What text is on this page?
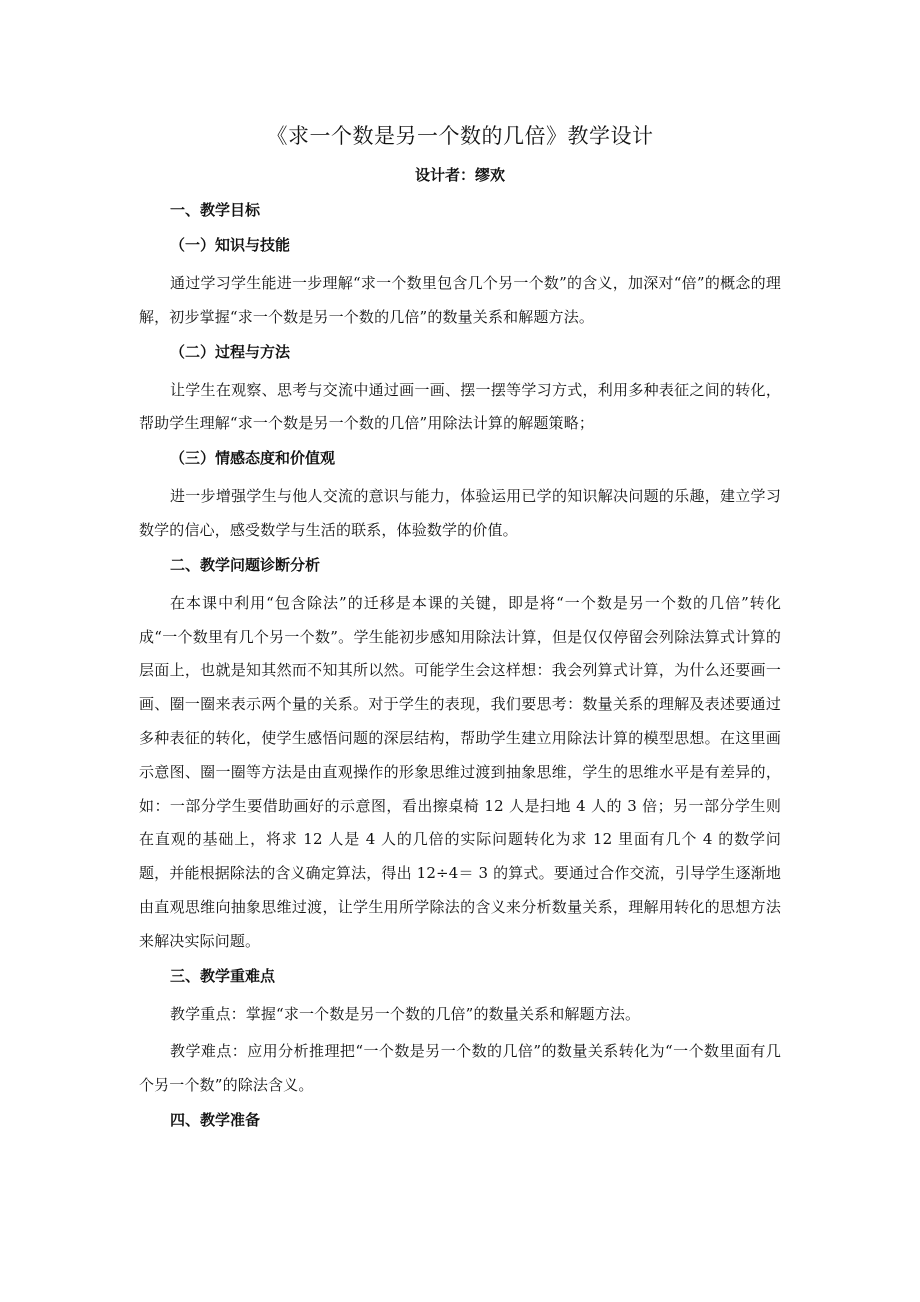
《求一个数是另一个数的几倍》教学设计
设计者：缪欢
一、教学目标
（一）知识与技能

通过学习学生能进一步理解“求一个数里包含几个另一个数”的含义，加深对“倍”的概念的理解，初步掌握“求一个数是另一个数的几倍”的数量关系和解题方法。

（二）过程与方法

让学生在观察、思考与交流中通过画一画、摆一摆等学习方式，利用多种表征之间的转化，帮助学生理解“求一个数是另一个数的几倍”用除法计算的解题策略；

（三）情感态度和价值观

进一步增强学生与他人交流的意识与能力，体验运用已学的知识解决问题的乐趣，建立学习数学的信心，感受数学与生活的联系，体验数学的价值。

二、教学问题诊断分析

在本课中利用“包含除法”的迁移是本课的关键，即是将“一个数是另一个数的几倍”转化成“一个数里有几个另一个数”。学生能初步感知用除法计算，但是仅仅停留会列除法算式计算的层面上，也就是知其然而不知其所以然。可能学生会这样想：我会列算式计算，为什么还要画一画、圈一圈来表示两个量的关系。对于学生的表现，我们要思考：数量关系的理解及表述要通过多种表征的转化，使学生感悟问题的深层结构，帮助学生建立用除法计算的模型思想。在这里画示意图、圈一圈等方法是由直观操作的形象思维过渡到抽象思维，学生的思维水平是有差异的，如：一部分学生要借助画好的示意图，看出擦桌椅 12 人是扫地 4 人的 3 倍；另一部分学生则在直观的基础上，将求 12 人是 4 人的几倍的实际问题转化为求 12 里面有几个 4 的数学问题，并能根据除法的含义确定算法，得出 12÷4＝ 3 的算式。要通过合作交流，引导学生逐渐地由直观思维向抽象思维过渡，让学生用所学除法的含义来分析数量关系，理解用转化的思想方法来解决实际问题。

三、教学重难点

教学重点：掌握“求一个数是另一个数的几倍”的数量关系和解题方法。

教学难点：应用分析推理把“一个数是另一个数的几倍”的数量关系转化为“一个数里面有几个另一个数”的除法含义。

四、教学准备
